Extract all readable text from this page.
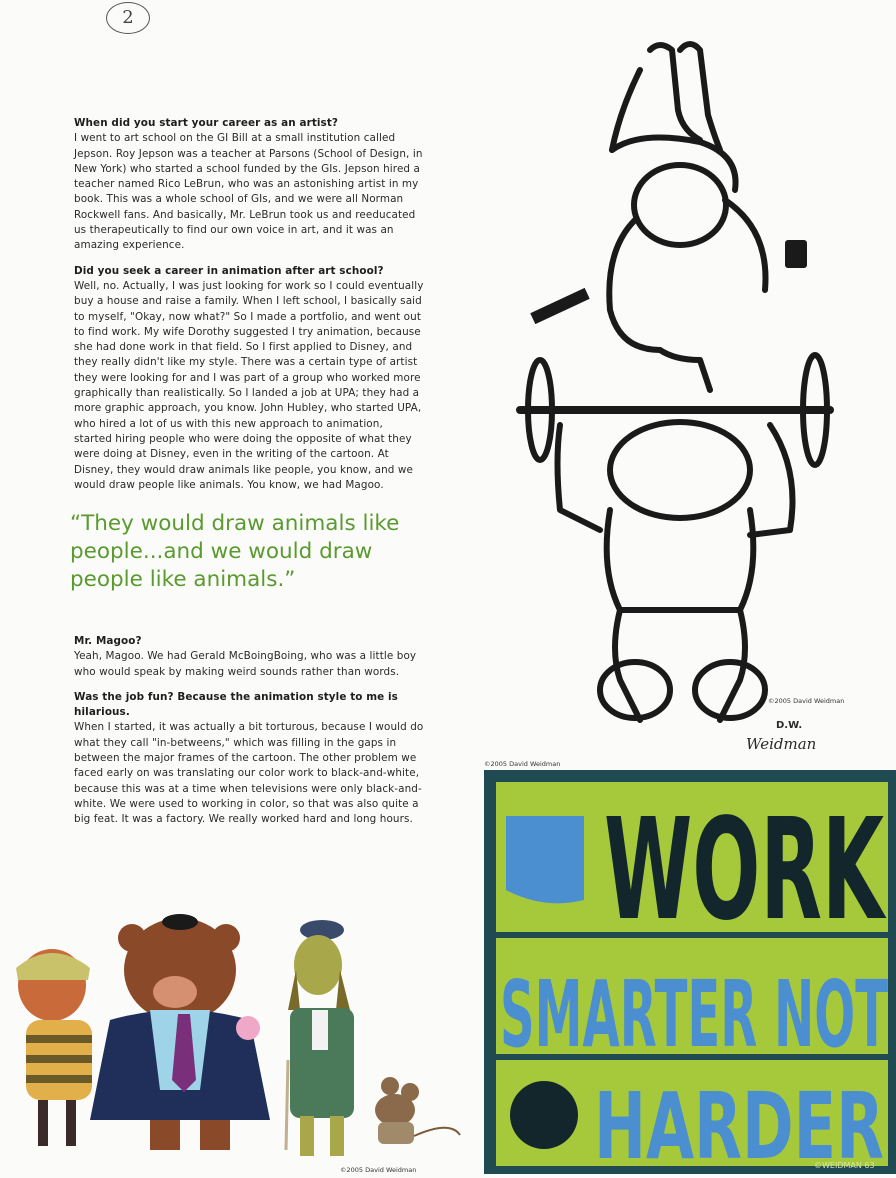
2

When did you start your career as an artist?
I went to art school on the GI Bill at a small institution called Jepson. Roy Jepson was a teacher at Parsons (School of Design, in New York) who started a school funded by the GIs. Jepson hired a teacher named Rico LeBrun, who was an astonishing artist in my book. This was a whole school of GIs, and we were all Norman Rockwell fans. And basically, Mr. LeBrun took us and reeducated us therapeutically to find our own voice in art, and it was an amazing experience.

Did you seek a career in animation after art school?
Well, no. Actually, I was just looking for work so I could eventually buy a house and raise a family. When I left school, I basically said to myself, "Okay, now what?" So I made a portfolio, and went out to find work. My wife Dorothy suggested I try animation, because she had done work in that field. So I first applied to Disney, and they really didn't like my style. There was a certain type of artist they were looking for and I was part of a group who worked more graphically than realistically. So I landed a job at UPA; they had a more graphic approach, you know. John Hubley, who started UPA, who hired a lot of us with this new approach to animation, started hiring people who were doing the opposite of what they were doing at Disney, even in the writing of the cartoon. At Disney, they would draw animals like people, you know, and we would draw people like animals. You know, we had Magoo.

“They would draw animals like people...and we would draw people like animals.”

Mr. Magoo?
Yeah, Magoo. We had Gerald McBoingBoing, who was a little boy who would speak by making weird sounds rather than words.

Was the job fun? Because the animation style to me is hilarious.
When I started, it was actually a bit torturous, because I would do what they call "in-betweens," which was filling in the gaps in between the major frames of the cartoon. The other problem we faced early on was translating our color work to black-and-white, because this was at a time when televisions were only black-and-white. We were used to working in color, so that was also quite a big feat. It was a factory. We really worked hard and long hours.

©2005 David Weidman
D.W.
Weidman
©2005 David Weidman
WORK
SMARTER NOT
HARDER
©WEIDMAN 63
©2005 David Weidman
